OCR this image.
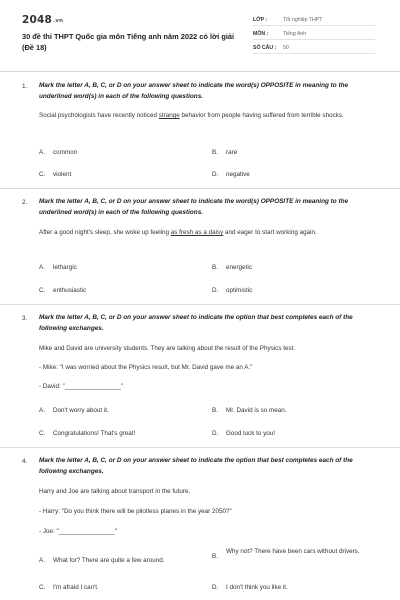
2048.vn
30 đề thi THPT Quốc gia môn Tiếng anh năm 2022 có lời giải (Đề 18)
LỚP :	Tốt nghiệp THPT
MÔN :	Tiếng Anh
SỐ CÂU : 50
1. Mark the letter A, B, C, or D on your answer sheet to indicate the word(s) OPPOSITE in meaning to the underlined word(s) in each of the following questions.
Social psychologists have recently noticed strange behavior from people having suffered from terrible shocks.
A. common	B. rare
C. violent	D. negative
2. Mark the letter A, B, C, or D on your answer sheet to indicate the word(s) OPPOSITE in meaning to the underlined word(s) in each of the following questions.
After a good night's sleep, she woke up feeling as fresh as a daisy and eager to start working again.
A. lethargic	B. energetic
C. enthusiastic	D. optimistic
3. Mark the letter A, B, C, or D on your answer sheet to indicate the option that best completes each of the following exchanges.
Mike and David are university students. They are talking about the result of the Physics test.
- Mike: "I was worried about the Physics result, but Mr. David gave me an A."
- David: "________________"
A. Don't worry about it.	B. Mr. David is so mean.
C. Congratulations! That's great!	D. Good luck to you!
4. Mark the letter A, B, C, or D on your answer sheet to indicate the option that best completes each of the following exchanges.
Harry and Joe are talking about transport in the future.
- Harry: "Do you think there will be pilotless planes in the year 2050?"
- Joe: "________________"
A. What for? There are quite a few around.
B.Why not? There have been cars without drivers.
C. I'm afraid I can't.	D. I don't think you like it.
